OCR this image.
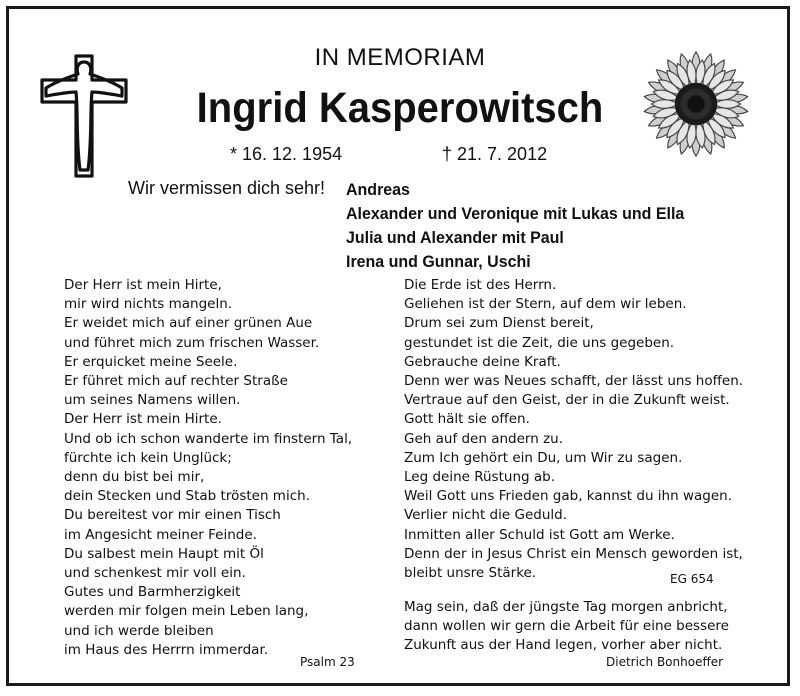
IN MEMORIAM
Ingrid Kasperowitsch
* 16. 12. 1954	† 21. 7. 2012
Wir vermissen dich sehr! Andreas
Alexander und Veronique mit Lukas und Ella
Julia und Alexander mit Paul
Irena und Gunnar, Uschi
Der Herr ist mein Hirte,
mir wird nichts mangeln.
Er weidet mich auf einer grünen Aue
und führet mich zum frischen Wasser.
Er erquicket meine Seele.
Er führet mich auf rechter Straße
um seines Namens willen.
Der Herr ist mein Hirte.
Und ob ich schon wanderte im finstern Tal,
fürchte ich kein Unglück;
denn du bist bei mir,
dein Stecken und Stab trösten mich.
Du bereitest vor mir einen Tisch
im Angesicht meiner Feinde.
Du salbest mein Haupt mit Öl
und schenkest mir voll ein.
Gutes und Barmherzigkeit
werden mir folgen mein Leben lang,
und ich werde bleiben
im Haus des Herrrn immerdar.
Psalm 23
Die Erde ist des Herrn.
Geliehen ist der Stern, auf dem wir leben.
Drum sei zum Dienst bereit,
gestundet ist die Zeit, die uns gegeben.
Gebrauche deine Kraft.
Denn wer was Neues schafft, der lässt uns hoffen.
Vertraue auf den Geist, der in die Zukunft weist.
Gott hält sie offen.
Geh auf den andern zu.
Zum Ich gehört ein Du, um Wir zu sagen.
Leg deine Rüstung ab.
Weil Gott uns Frieden gab, kannst du ihn wagen.
Verlier nicht die Geduld.
Inmitten aller Schuld ist Gott am Werke.
Denn der in Jesus Christ ein Mensch geworden ist,
bleibt unsre Stärke.	EG 654
Mag sein, daß der jüngste Tag morgen anbricht,
dann wollen wir gern die Arbeit für eine bessere
Zukunft aus der Hand legen, vorher aber nicht.
Dietrich Bonhoeffer
